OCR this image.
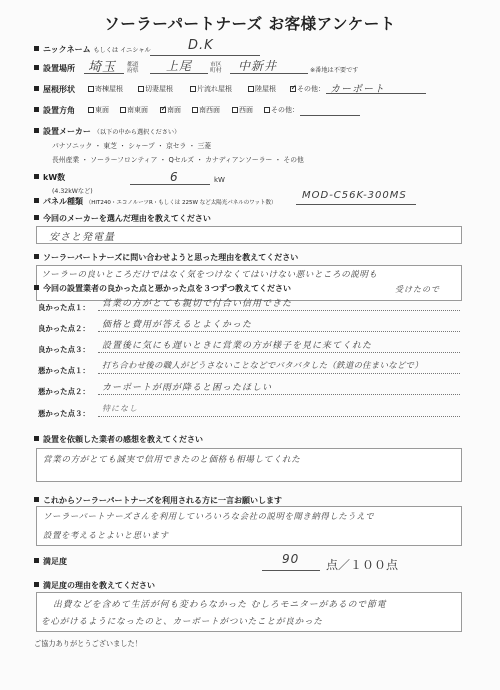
ソーラーパートナーズ お客様アンケート
ニックネーム もしくは イニシャル	D.K
設置場所 埼玉 都道 府県	上尾	市区 町村	中新井	※番地は不要です
屋根形状	寄棟屋根	切妻屋根	片流れ屋根	陸屋根 ✓	その他： カーポート
設置方角	東面	南東面 ✓	南面	南西面	西面	その他：
設置メーカー （以下の中から選択ください）
パナソニック ・ 東芝 ・ シャープ ・ 京セラ ・ 三菱
長州産業 ・ ソーラーフロンティア ・ Qセルズ ・ カナディアンソーラー ・ その他
kW数
(4.32kWなど)
6	kW
パネル種類 （HIT240・エコノルーツR・もしくは 225W など太陽光パネルのワット数）
MOD-C56K-300MS
今回のメーカーを選んだ理由を教えてください
安さと発電量
ソーラーパートナーズに問い合わせようと思った理由を教えてください
ソーラーの良いところだけではなく気をつけなくてはいけない悪いところの説明も
受けたので
今回の設置業者の良かった点と悪かった点を３つずつ教えてください
良かった点１： 営業の方がとても親切で付合い信用できた
良かった点２： 価格と費用が答えるとよくかった
良かった点３： 設置後に気にも遅いときに営業の方が様子を見に来てくれた
悪かった点１：
打ち合わせ後の職人がどうさないことなどでバタバタした（鉄道の住まいなどで）
悪かった点２： カーポートが雨が降ると困ったほしい
悪かった点３：
特になし
設置を依頼した業者の感想を教えてください
営業の方がとても誠実で信用できたのと価格も相場してくれた
これからソーラーパートナーズを利用される方に一言お願いします
ソーラーパートナーズさんを利用していろいろな会社の説明を聞き納得したうえで
設置を考えるとよいと思います
満足度	90 点／１００点
満足度の理由を教えてください
出費などを含めて生活が何も変わらなかった むしろモニターがあるので節電
を心がけるようになったのと、カーポートがついたことが良かった
ご協力ありがとうございました！
